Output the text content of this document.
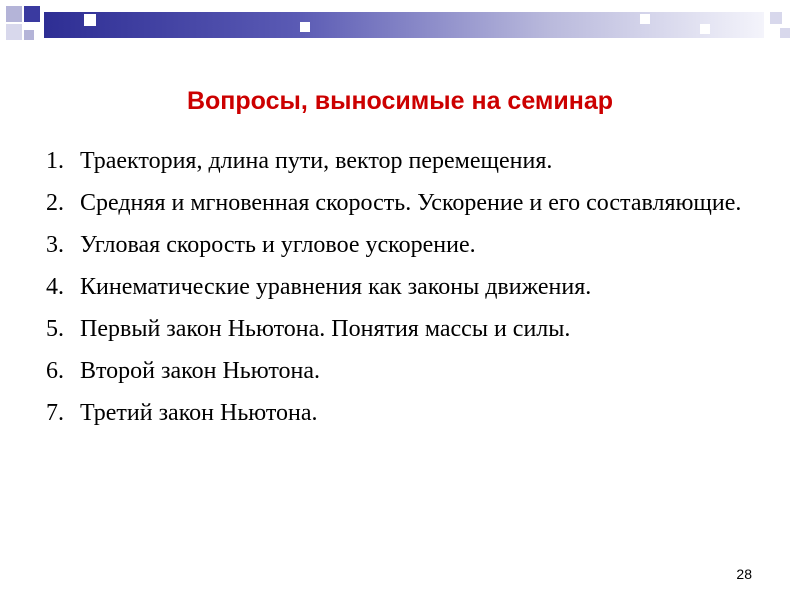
Вопросы, выносимые на семинар
1. Траектория, длина пути, вектор перемещения.
2. Средняя и мгновенная скорость. Ускорение и его составляющие.
3. Угловая скорость и угловое ускорение.
4. Кинематические уравнения как законы движения.
5. Первый закон Ньютона. Понятия массы и силы.
6. Второй закон Ньютона.
7. Третий закон Ньютона.
28
